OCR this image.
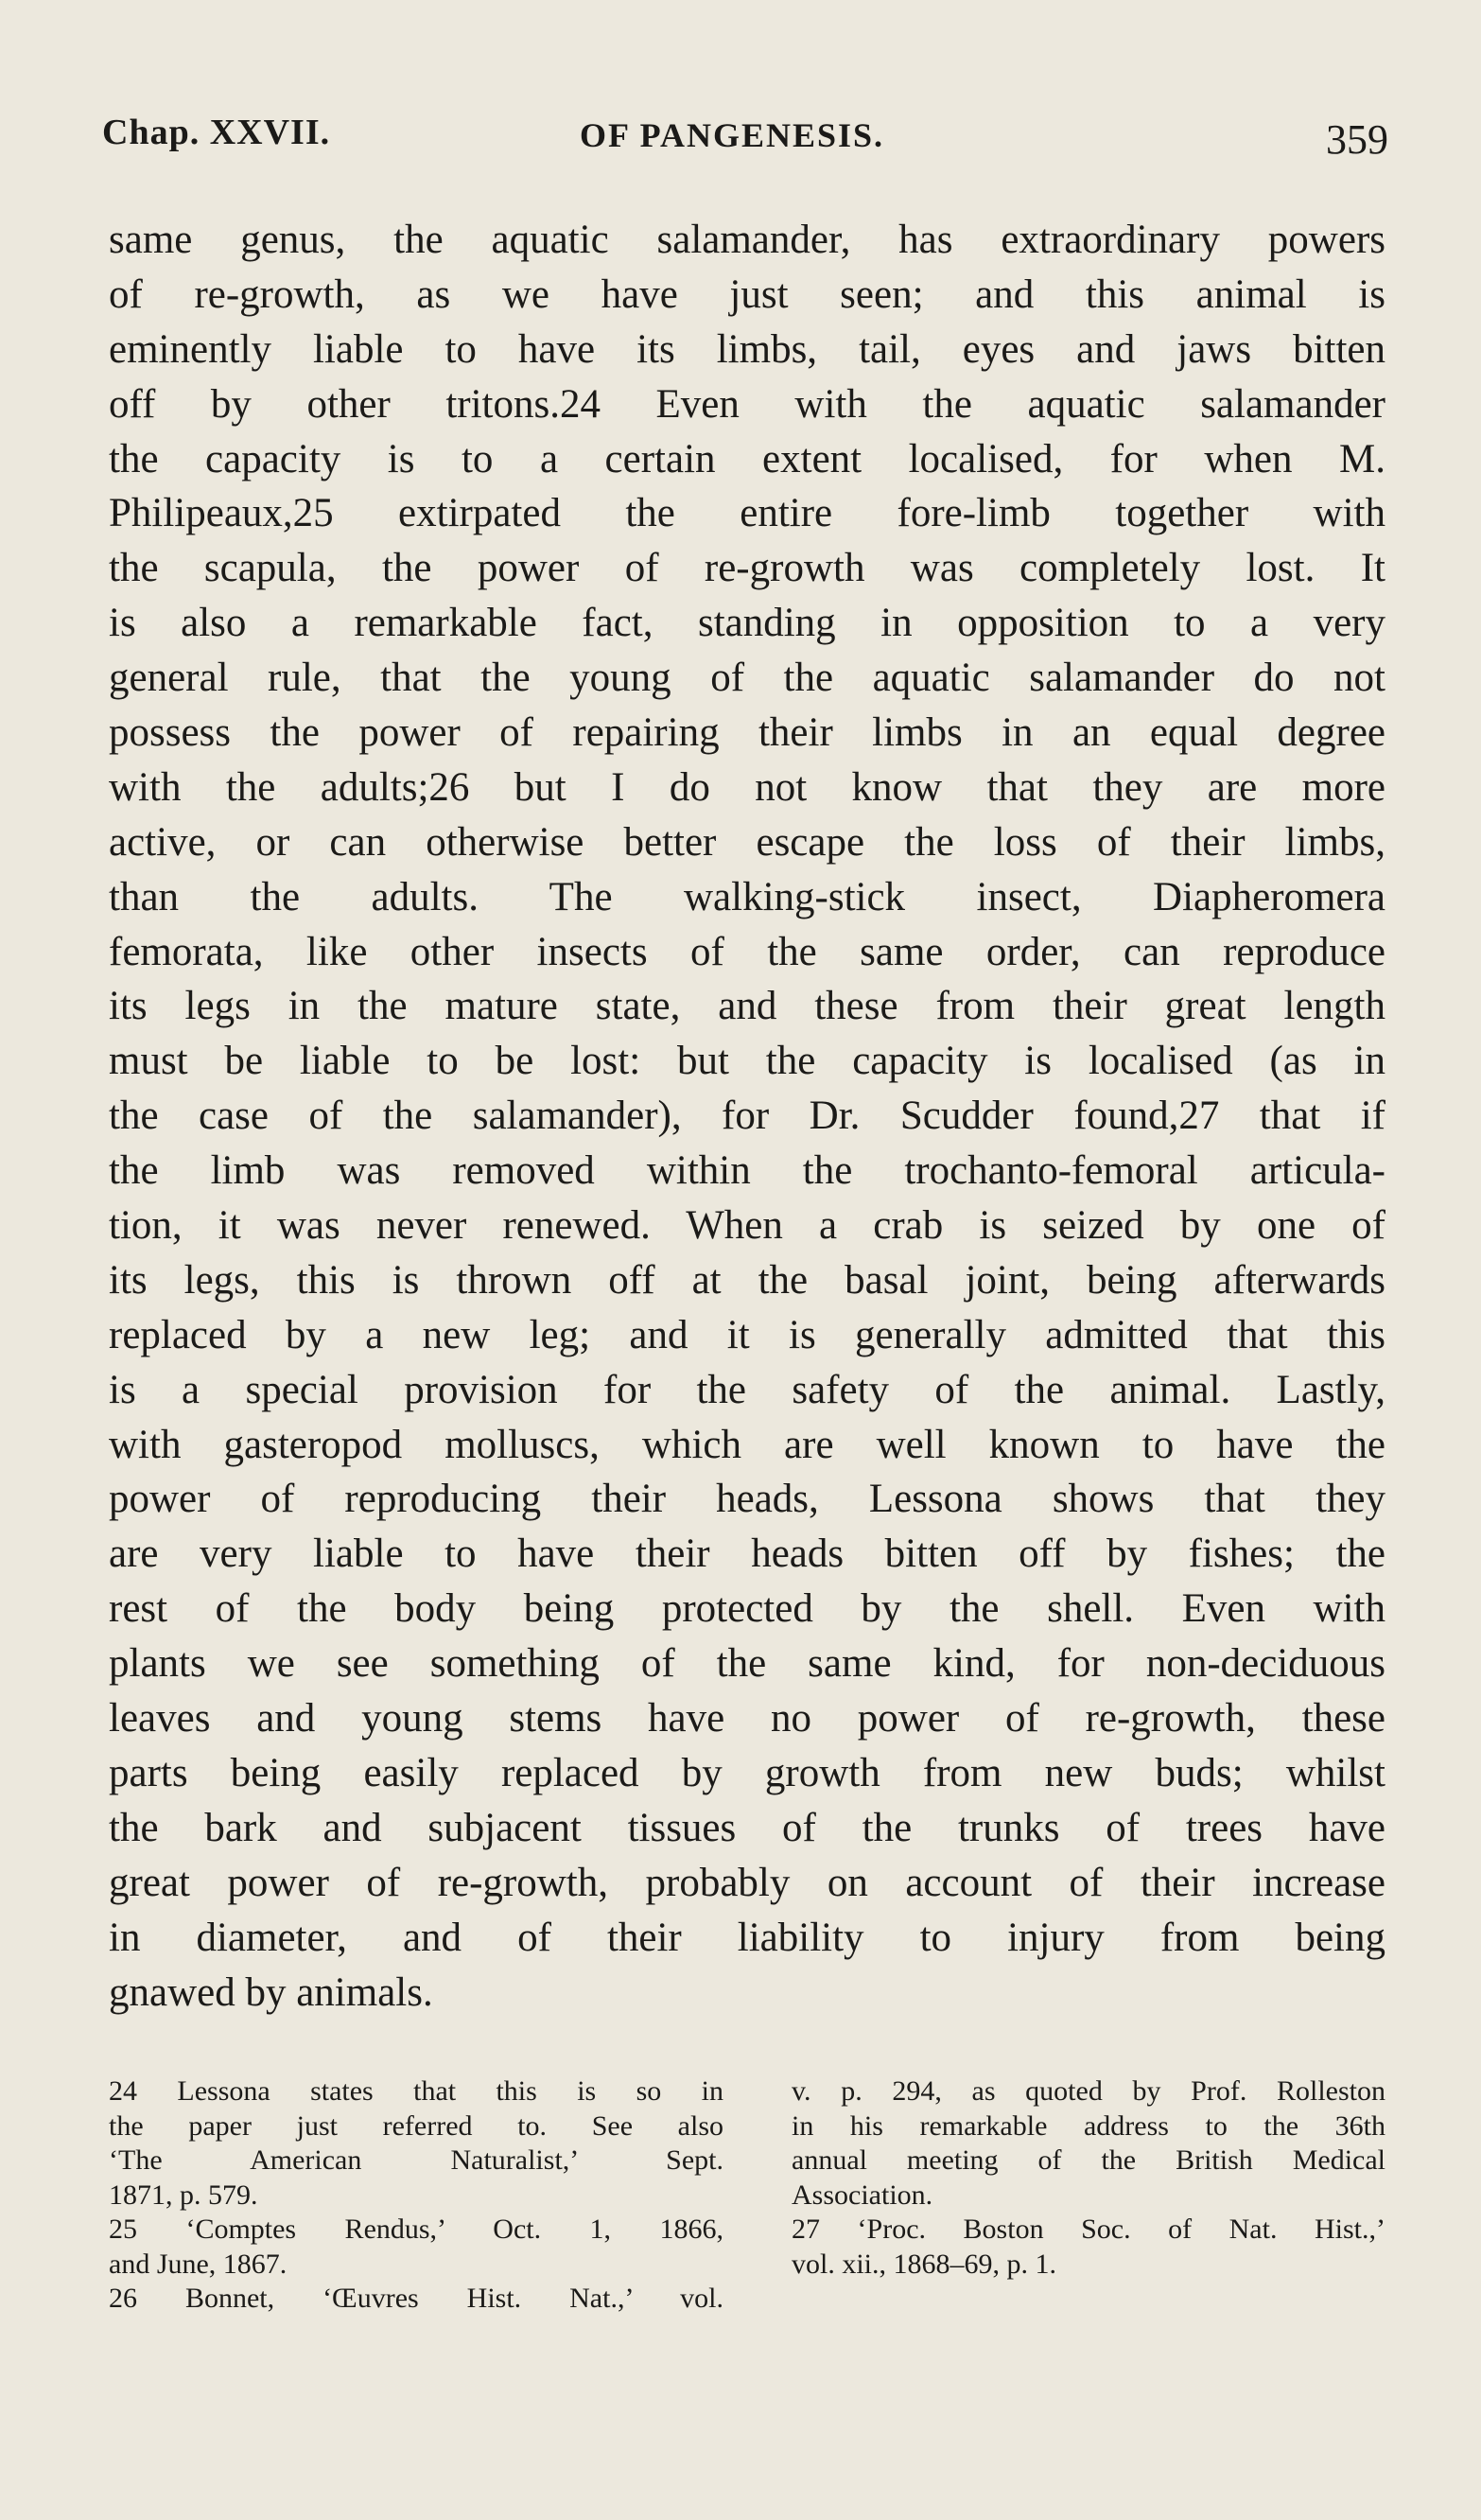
Chap. XXVII.	OF PANGENESIS.	359
same genus, the aquatic salamander, has extraordinary powers
of re-growth, as we have just seen; and this animal is
eminently liable to have its limbs, tail, eyes and jaws bitten
off by other tritons.24 Even with the aquatic salamander
the capacity is to a certain extent localised, for when M.
Philipeaux,25 extirpated the entire fore-limb together with
the scapula, the power of re-growth was completely lost. It
is also a remarkable fact, standing in opposition to a very
general rule, that the young of the aquatic salamander do not
possess the power of repairing their limbs in an equal degree
with the adults;26 but I do not know that they are more
active, or can otherwise better escape the loss of their limbs,
than the adults. The walking-stick insect, Diapheromera
femorata, like other insects of the same order, can reproduce
its legs in the mature state, and these from their great length
must be liable to be lost: but the capacity is localised (as in
the case of the salamander), for Dr. Scudder found,27 that if
the limb was removed within the trochanto-femoral articula-
tion, it was never renewed. When a crab is seized by one of
its legs, this is thrown off at the basal joint, being afterwards
replaced by a new leg; and it is generally admitted that this
is a special provision for the safety of the animal. Lastly,
with gasteropod molluscs, which are well known to have the
power of reproducing their heads, Lessona shows that they
are very liable to have their heads bitten off by fishes; the
rest of the body being protected by the shell. Even with
plants we see something of the same kind, for non-deciduous
leaves and young stems have no power of re-growth, these
parts being easily replaced by growth from new buds; whilst
the bark and subjacent tissues of the trunks of trees have
great power of re-growth, probably on account of their increase
in diameter, and of their liability to injury from being
gnawed by animals.
24 Lessona states that this is so in
the paper just referred to. See also
‘The American Naturalist,’ Sept.
1871, p. 579.
25 ‘Comptes Rendus,’ Oct. 1, 1866,
and June, 1867.
26 Bonnet, ‘Œuvres Hist. Nat.,’ vol.
v. p. 294, as quoted by Prof. Rolleston
in his remarkable address to the 36th
annual meeting of the British Medical
Association.
27 ‘Proc. Boston Soc. of Nat. Hist.,’
vol. xii., 1868–69, p. 1.
